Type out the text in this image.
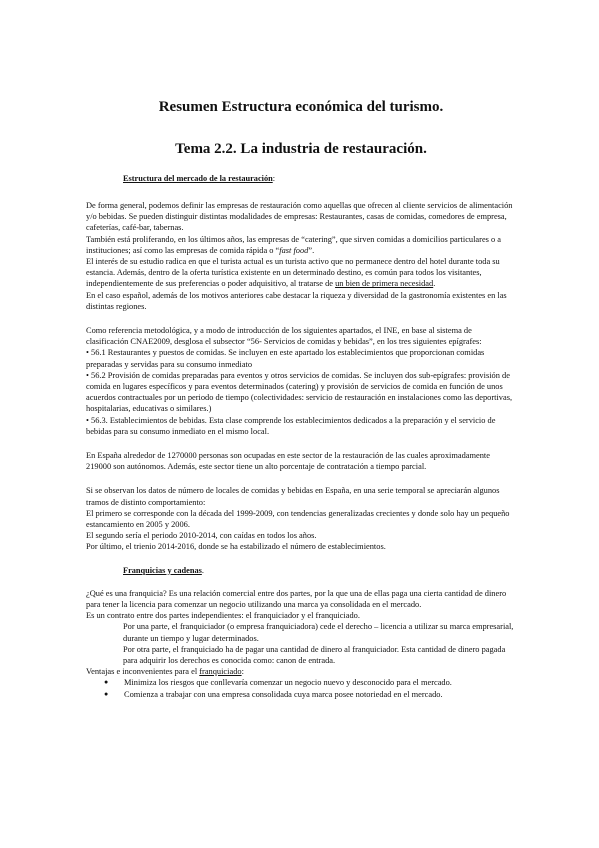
Resumen Estructura económica del turismo.

Tema 2.2. La industria de restauración.

Estructura del mercado de la restauración:

De forma general, podemos definir las empresas de restauración como aquellas que ofrecen al cliente servicios de alimentación y/o bebidas. Se pueden distinguir distintas modalidades de empresas: Restaurantes, casas de comidas, comedores de empresa, cafeterías, café-bar, tabernas.

También está proliferando, en los últimos años, las empresas de “catering”, que sirven comidas a domicilios particulares o a instituciones; así como las empresas de comida rápida o “fast food”.

El interés de su estudio radica en que el turista actual es un turista activo que no permanece dentro del hotel durante toda su estancia. Además, dentro de la oferta turística existente en un determinado destino, es común para todos los visitantes, independientemente de sus preferencias o poder adquisitivo, al tratarse de un bien de primera necesidad.

En el caso español, además de los motivos anteriores cabe destacar la riqueza y diversidad de la gastronomía existentes en las distintas regiones.

Como referencia metodológica, y a modo de introducción de los siguientes apartados, el INE, en base al sistema de clasificación CNAE2009, desglosa el subsector “56- Servicios de comidas y bebidas”, en los tres siguientes epígrafes:

• 56.1 Restaurantes y puestos de comidas. Se incluyen en este apartado los establecimientos que proporcionan comidas preparadas y servidas para su consumo inmediato

• 56.2 Provisión de comidas preparadas para eventos y otros servicios de comidas. Se incluyen dos sub-epígrafes: provisión de comida en lugares específicos y para eventos determinados (catering) y provisión de servicios de comida en función de unos acuerdos contractuales por un periodo de tiempo (colectividades: servicio de restauración en instalaciones como las deportivas, hospitalarias, educativas o similares.)

• 56.3. Establecimientos de bebidas. Esta clase comprende los establecimientos dedicados a la preparación y el servicio de bebidas para su consumo inmediato en el mismo local.

En España alrededor de 1270000 personas son ocupadas en este sector de la restauración de las cuales aproximadamente 219000 son autónomos. Además, este sector tiene un alto porcentaje de contratación a tiempo parcial.

Si se observan los datos de número de locales de comidas y bebidas en España, en una serie temporal se apreciarán algunos tramos de distinto comportamiento:

El primero se corresponde con la década del 1999-2009, con tendencias generalizadas crecientes y donde solo hay un pequeño estancamiento en 2005 y 2006.

El segundo sería el periodo 2010-2014, con caídas en todos los años.

Por último, el trienio 2014-2016, donde se ha estabilizado el número de establecimientos.

Franquicias y cadenas.

¿Qué es una franquicia? Es una relación comercial entre dos partes, por la que una de ellas paga una cierta cantidad de dinero para tener la licencia para comenzar un negocio utilizando una marca ya consolidada en el mercado.

Es un contrato entre dos partes independientes: el franquiciador y el franquiciado.

Por una parte, el franquiciador (o empresa franquiciadora) cede el derecho – licencia a utilizar su marca empresarial, durante un tiempo y lugar determinados.

Por otra parte, el franquiciado ha de pagar una cantidad de dinero al franquiciador. Esta cantidad de dinero pagada para adquirir los derechos es conocida como: canon de entrada.

Ventajas e inconvenientes para el franquiciado:

● Minimiza los riesgos que conllevaría comenzar un negocio nuevo y desconocido para el mercado.
● Comienza a trabajar con una empresa consolidada cuya marca posee notoriedad en el mercado.
